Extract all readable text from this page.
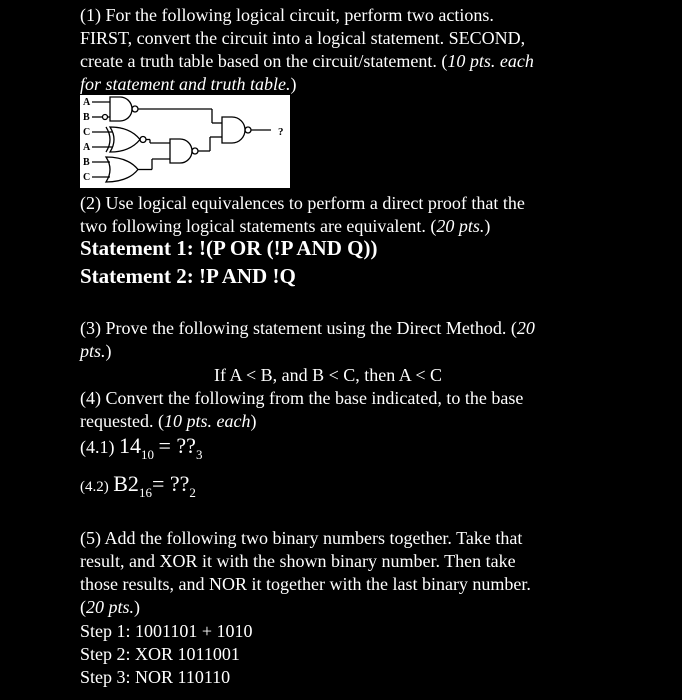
(1) For the following logical circuit, perform two actions.
FIRST, convert the circuit into a logical statement. SECOND,
create a truth table based on the circuit/statement. (10 pts. each
for statement and truth table.)
A
B
C
A
B
C
?
(2) Use logical equivalences to perform a direct proof that the
two following logical statements are equivalent. (20 pts.)
Statement 1: !(P OR (!P AND Q))
Statement 2: !P AND !Q
(3) Prove the following statement using the Direct Method. (20
pts.)
If A < B, and B < C, then A < C
(4) Convert the following from the base indicated, to the base
requested. (10 pts. each)
(4.1) $14_{10}$ = $??_3$
(4.2) $B2_{16}=$ $??_2$
(5) Add the following two binary numbers together. Take that
result, and XOR it with the shown binary number. Then take
those results, and NOR it together with the last binary number.
(20 pts.)
Step 1: 1001101 + 1010
Step 2: XOR 1011001
Step 3: NOR 110110
